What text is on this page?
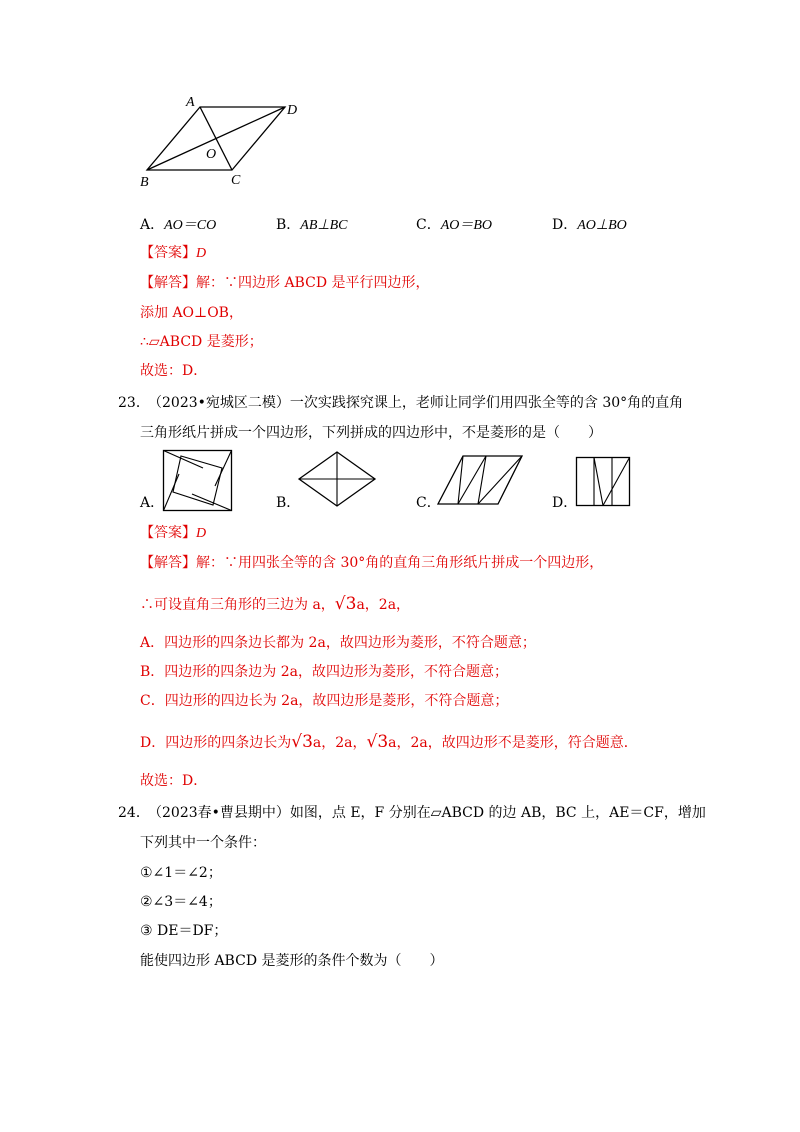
A
D
O
B	C
A．AO＝CO	B．AB⊥BC	C．AO＝BO	D．AO⊥BO
【答案】D
【解答】解：∵四边形 ABCD 是平行四边形，
添加 AO⊥OB，
∴▱ABCD 是菱形；
故选：D．
23．
（2023•宛城区二模）一次实践探究课上，老师让同学们用四张全等的含 30°角的直角
三角形纸片拼成一个四边形，下列拼成的四边形中，不是菱形的是（　　）
A．	B．	C．	D．
【答案】D
【解答】解：∵用四张全等的含 30°角的直角三角形纸片拼成一个四边形，
∴可设直角三角形的三边为 a，√3a，2a，
A．四边形的四条边长都为 2a，故四边形为菱形，不符合题意；
B．四边形的四条边为 2a，故四边形为菱形，不符合题意；
C．四边形的四边长为 2a，故四边形是菱形，不符合题意；
D．四边形的四条边长为√3a，2a，√3a，2a，故四边形不是菱形，符合题意．
故选：D．
24．
（2023春•曹县期中）如图，点 E，F 分别在▱ABCD 的边 AB，BC 上，AE＝CF，增加
下列其中一个条件：
①∠1＝∠2；
②∠3＝∠4；
③ DE＝DF；
能使四边形 ABCD 是菱形的条件个数为（　　）
